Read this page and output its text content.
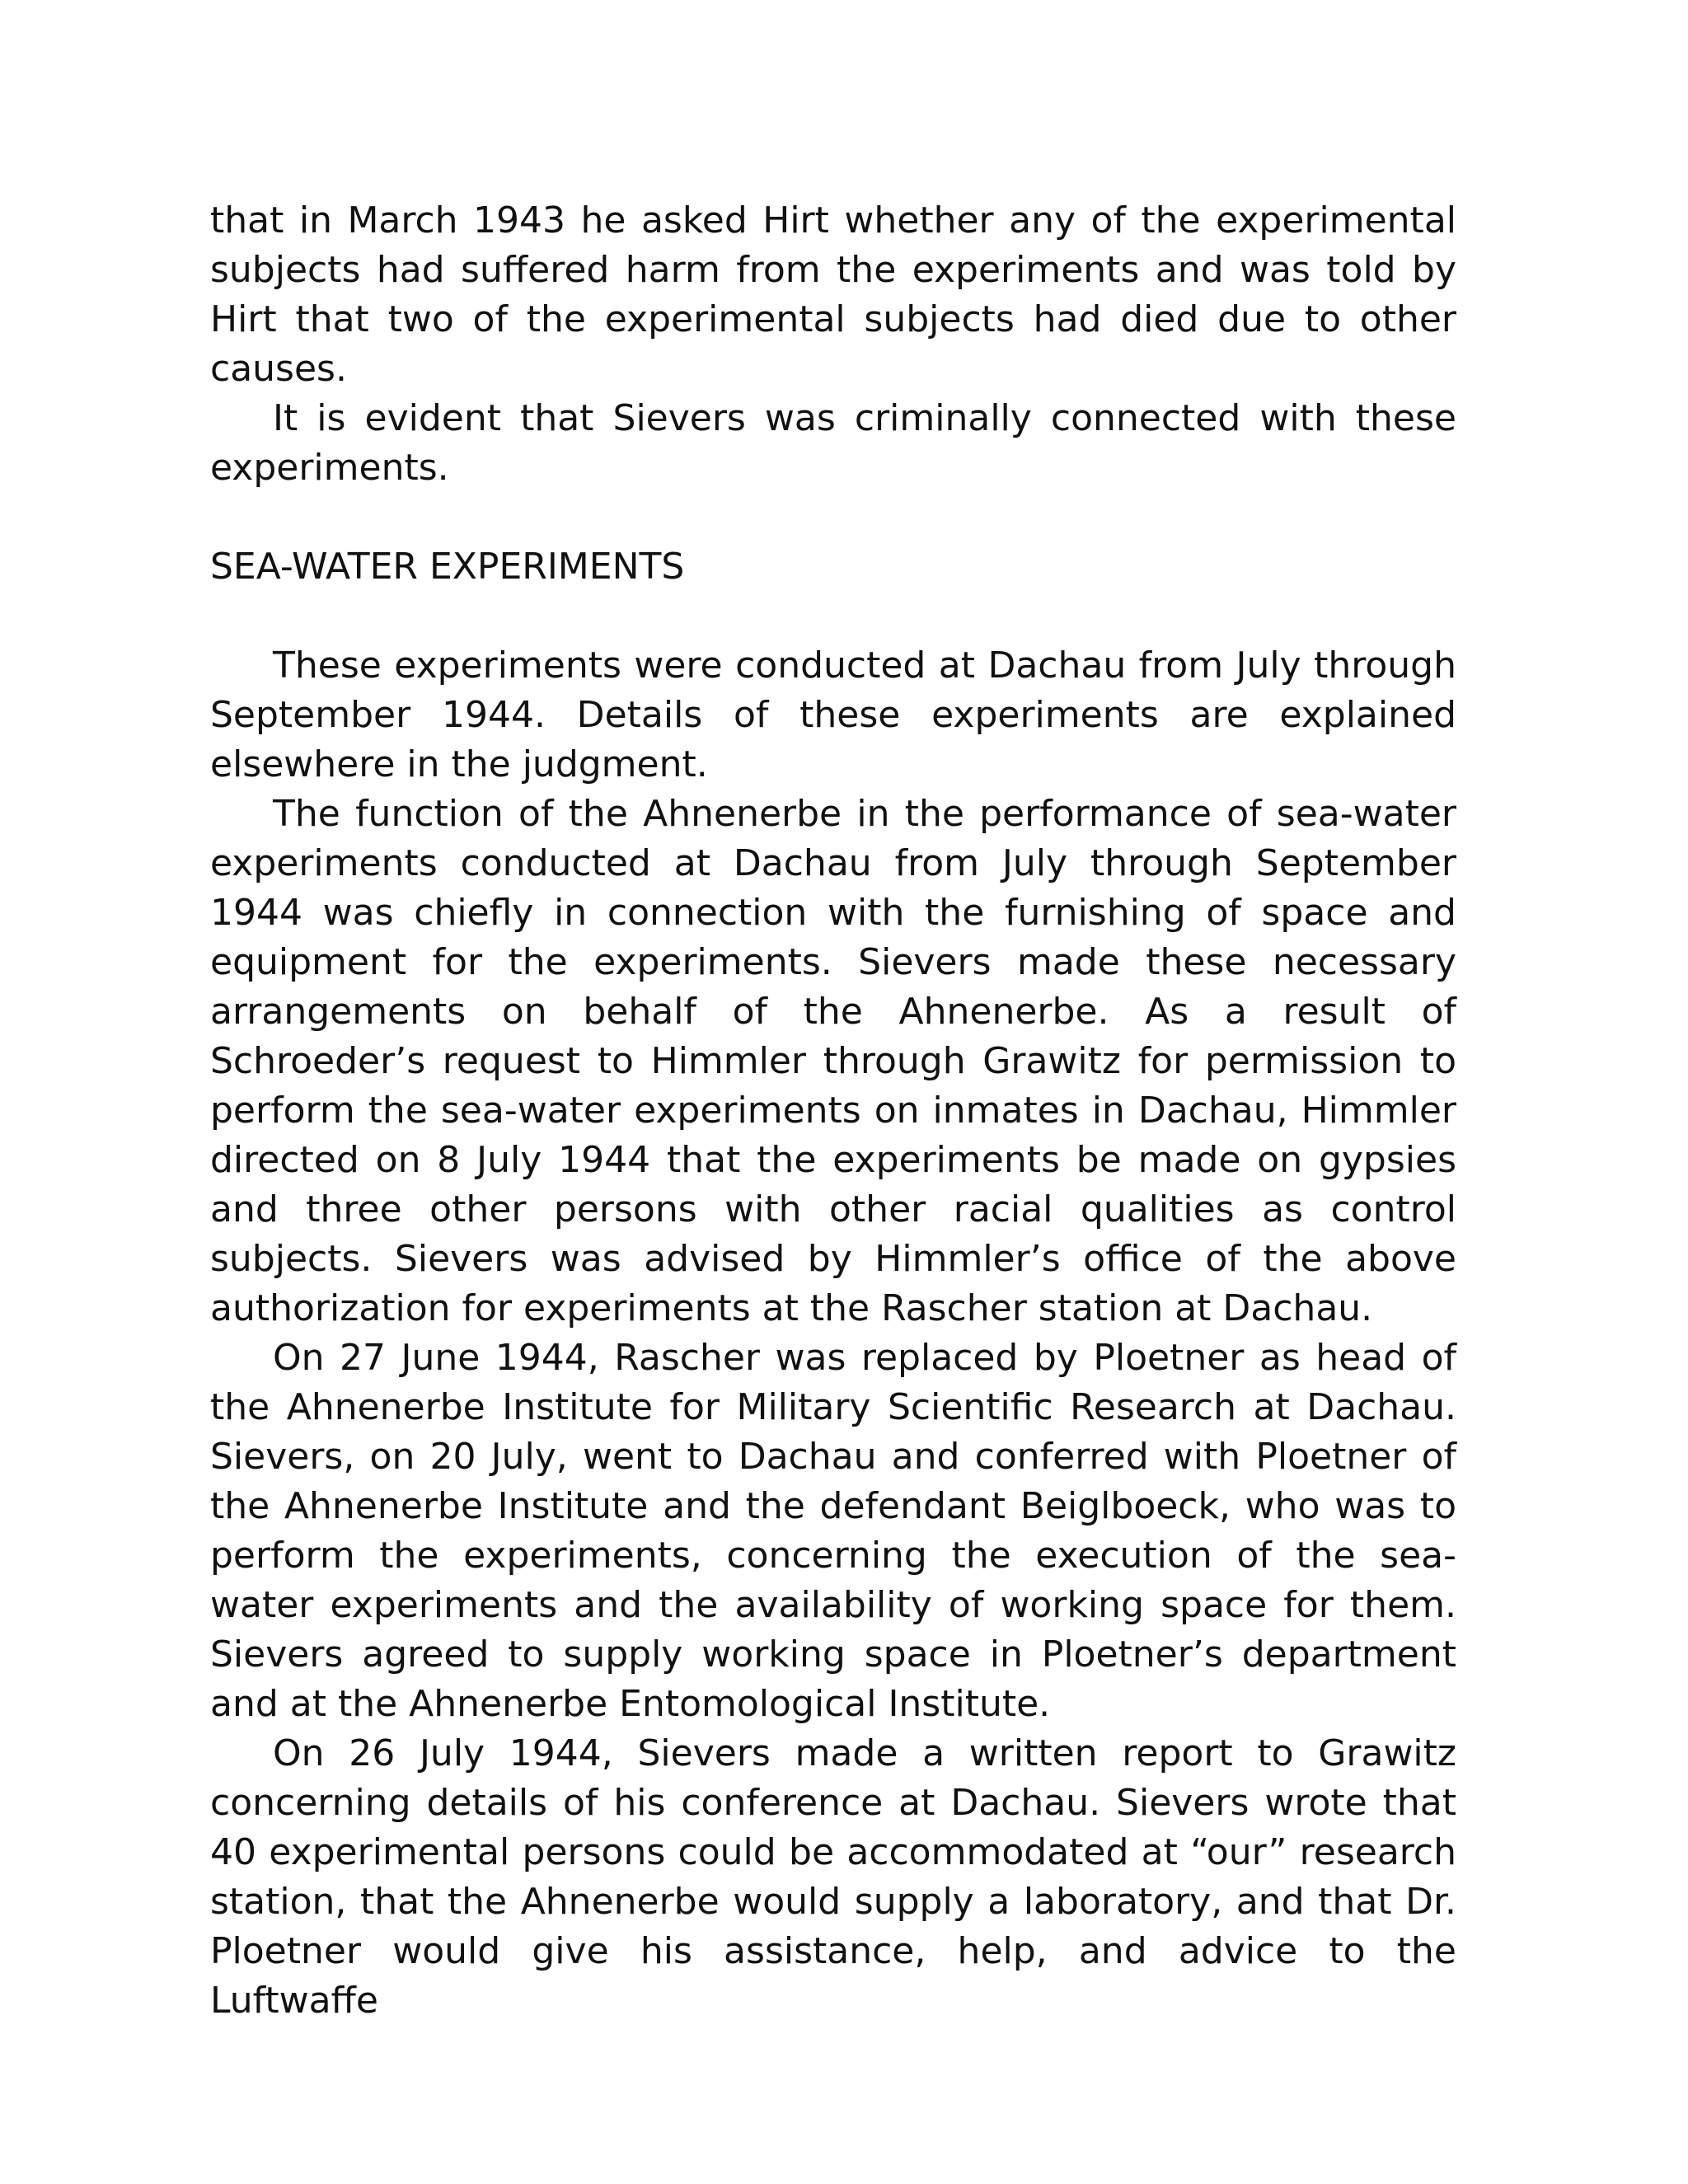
that in March 1943 he asked Hirt whether any of the experimental subjects had suffered harm from the experiments and was told by Hirt that two of the experimental subjects had died due to other causes.

It is evident that Sievers was criminally connected with these experiments.

SEA-WATER EXPERIMENTS

These experiments were conducted at Dachau from July through September 1944. Details of these experiments are explained elsewhere in the judgment.

The function of the Ahnenerbe in the performance of sea-water experiments conducted at Dachau from July through September 1944 was chiefly in connection with the furnishing of space and equipment for the experiments. Sievers made these necessary arrangements on behalf of the Ahnenerbe. As a result of Schroeder’s request to Himmler through Grawitz for permission to perform the sea-water experiments on inmates in Dachau, Himmler directed on 8 July 1944 that the experiments be made on gypsies and three other persons with other racial qualities as control subjects. Sievers was advised by Himmler’s office of the above authorization for experiments at the Rascher station at Dachau.

On 27 June 1944, Rascher was replaced by Ploetner as head of the Ahnenerbe Institute for Military Scientific Research at Dachau. Sievers, on 20 July, went to Dachau and conferred with Ploetner of the Ahnenerbe Institute and the defendant Beiglboeck, who was to perform the experiments, concerning the execution of the sea-water experiments and the availability of working space for them. Sievers agreed to supply working space in Ploetner’s department and at the Ahnenerbe Entomological Institute.

On 26 July 1944, Sievers made a written report to Grawitz concerning details of his conference at Dachau. Sievers wrote that 40 experimental persons could be accommodated at “our” research station, that the Ahnenerbe would supply a laboratory, and that Dr. Ploetner would give his assistance, help, and advice to the Luftwaffe
